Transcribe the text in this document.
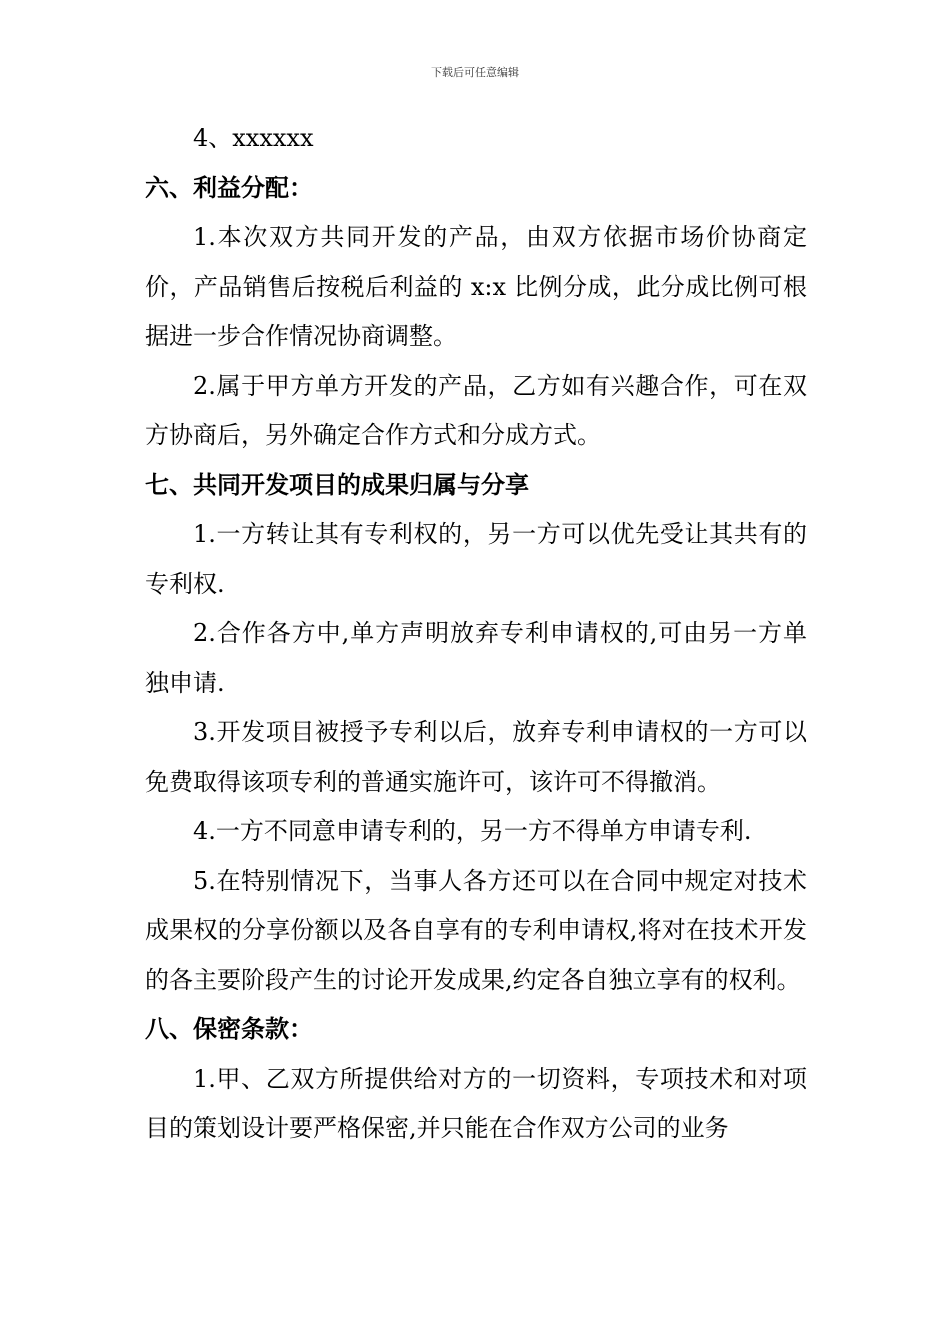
下载后可任意编辑

4、xxxxxx

六、利益分配：

1.本次双方共同开发的产品，由双方依据市场价协商定价，产品销售后按税后利益的 x:x 比例分成，此分成比例可根据进一步合作情况协商调整。

2.属于甲方单方开发的产品，乙方如有兴趣合作，可在双方协商后，另外确定合作方式和分成方式。

七、共同开发项目的成果归属与分享

1.一方转让其有专利权的，另一方可以优先受让其共有的专利权.

2.合作各方中,单方声明放弃专利申请权的,可由另一方单独申请.

3.开发项目被授予专利以后，放弃专利申请权的一方可以免费取得该项专利的普通实施许可，该许可不得撤消。

4.一方不同意申请专利的，另一方不得单方申请专利.

5.在特别情况下，当事人各方还可以在合同中规定对技术成果权的分享份额以及各自享有的专利申请权,将对在技术开发的各主要阶段产生的讨论开发成果,约定各自独立享有的权利。

八、保密条款：

1.甲、乙双方所提供给对方的一切资料，专项技术和对项目的策划设计要严格保密,并只能在合作双方公司的业务
